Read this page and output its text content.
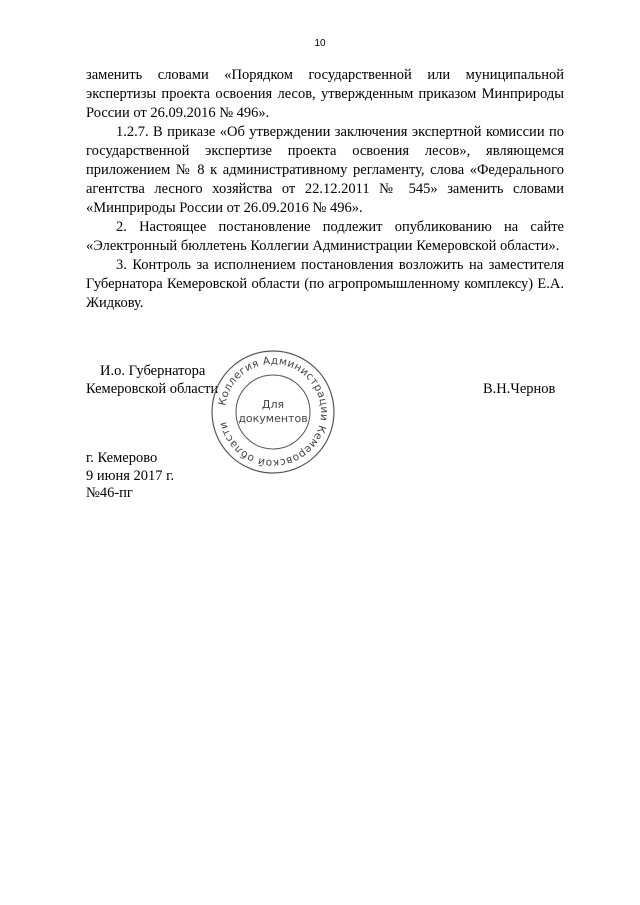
10

заменить словами «Порядком государственной или муниципальной экспертизы проекта освоения лесов, утвержденным приказом Минприроды России от 26.09.2016 № 496».

1.2.7. В приказе «Об утверждении заключения экспертной комиссии по государственной экспертизе проекта освоения лесов», являющемся приложением № 8 к административному регламенту, слова «Федерального агентства лесного хозяйства от 22.12.2011 № 545» заменить словами «Минприроды России от 26.09.2016 № 496».

2. Настоящее постановление подлежит опубликованию на сайте «Электронный бюллетень Коллегии Администрации Кемеровской области».

3. Контроль за исполнением постановления возложить на заместителя Губернатора Кемеровской области (по агропромышленному комплексу) Е.А. Жидкову.

И.о. Губернатора
Кемеровской области	В.Н.Чернов
Коллегия Администрации Кемеровской области
Для
документов
г. Кемерово
9 июня 2017 г.
№46-пг
